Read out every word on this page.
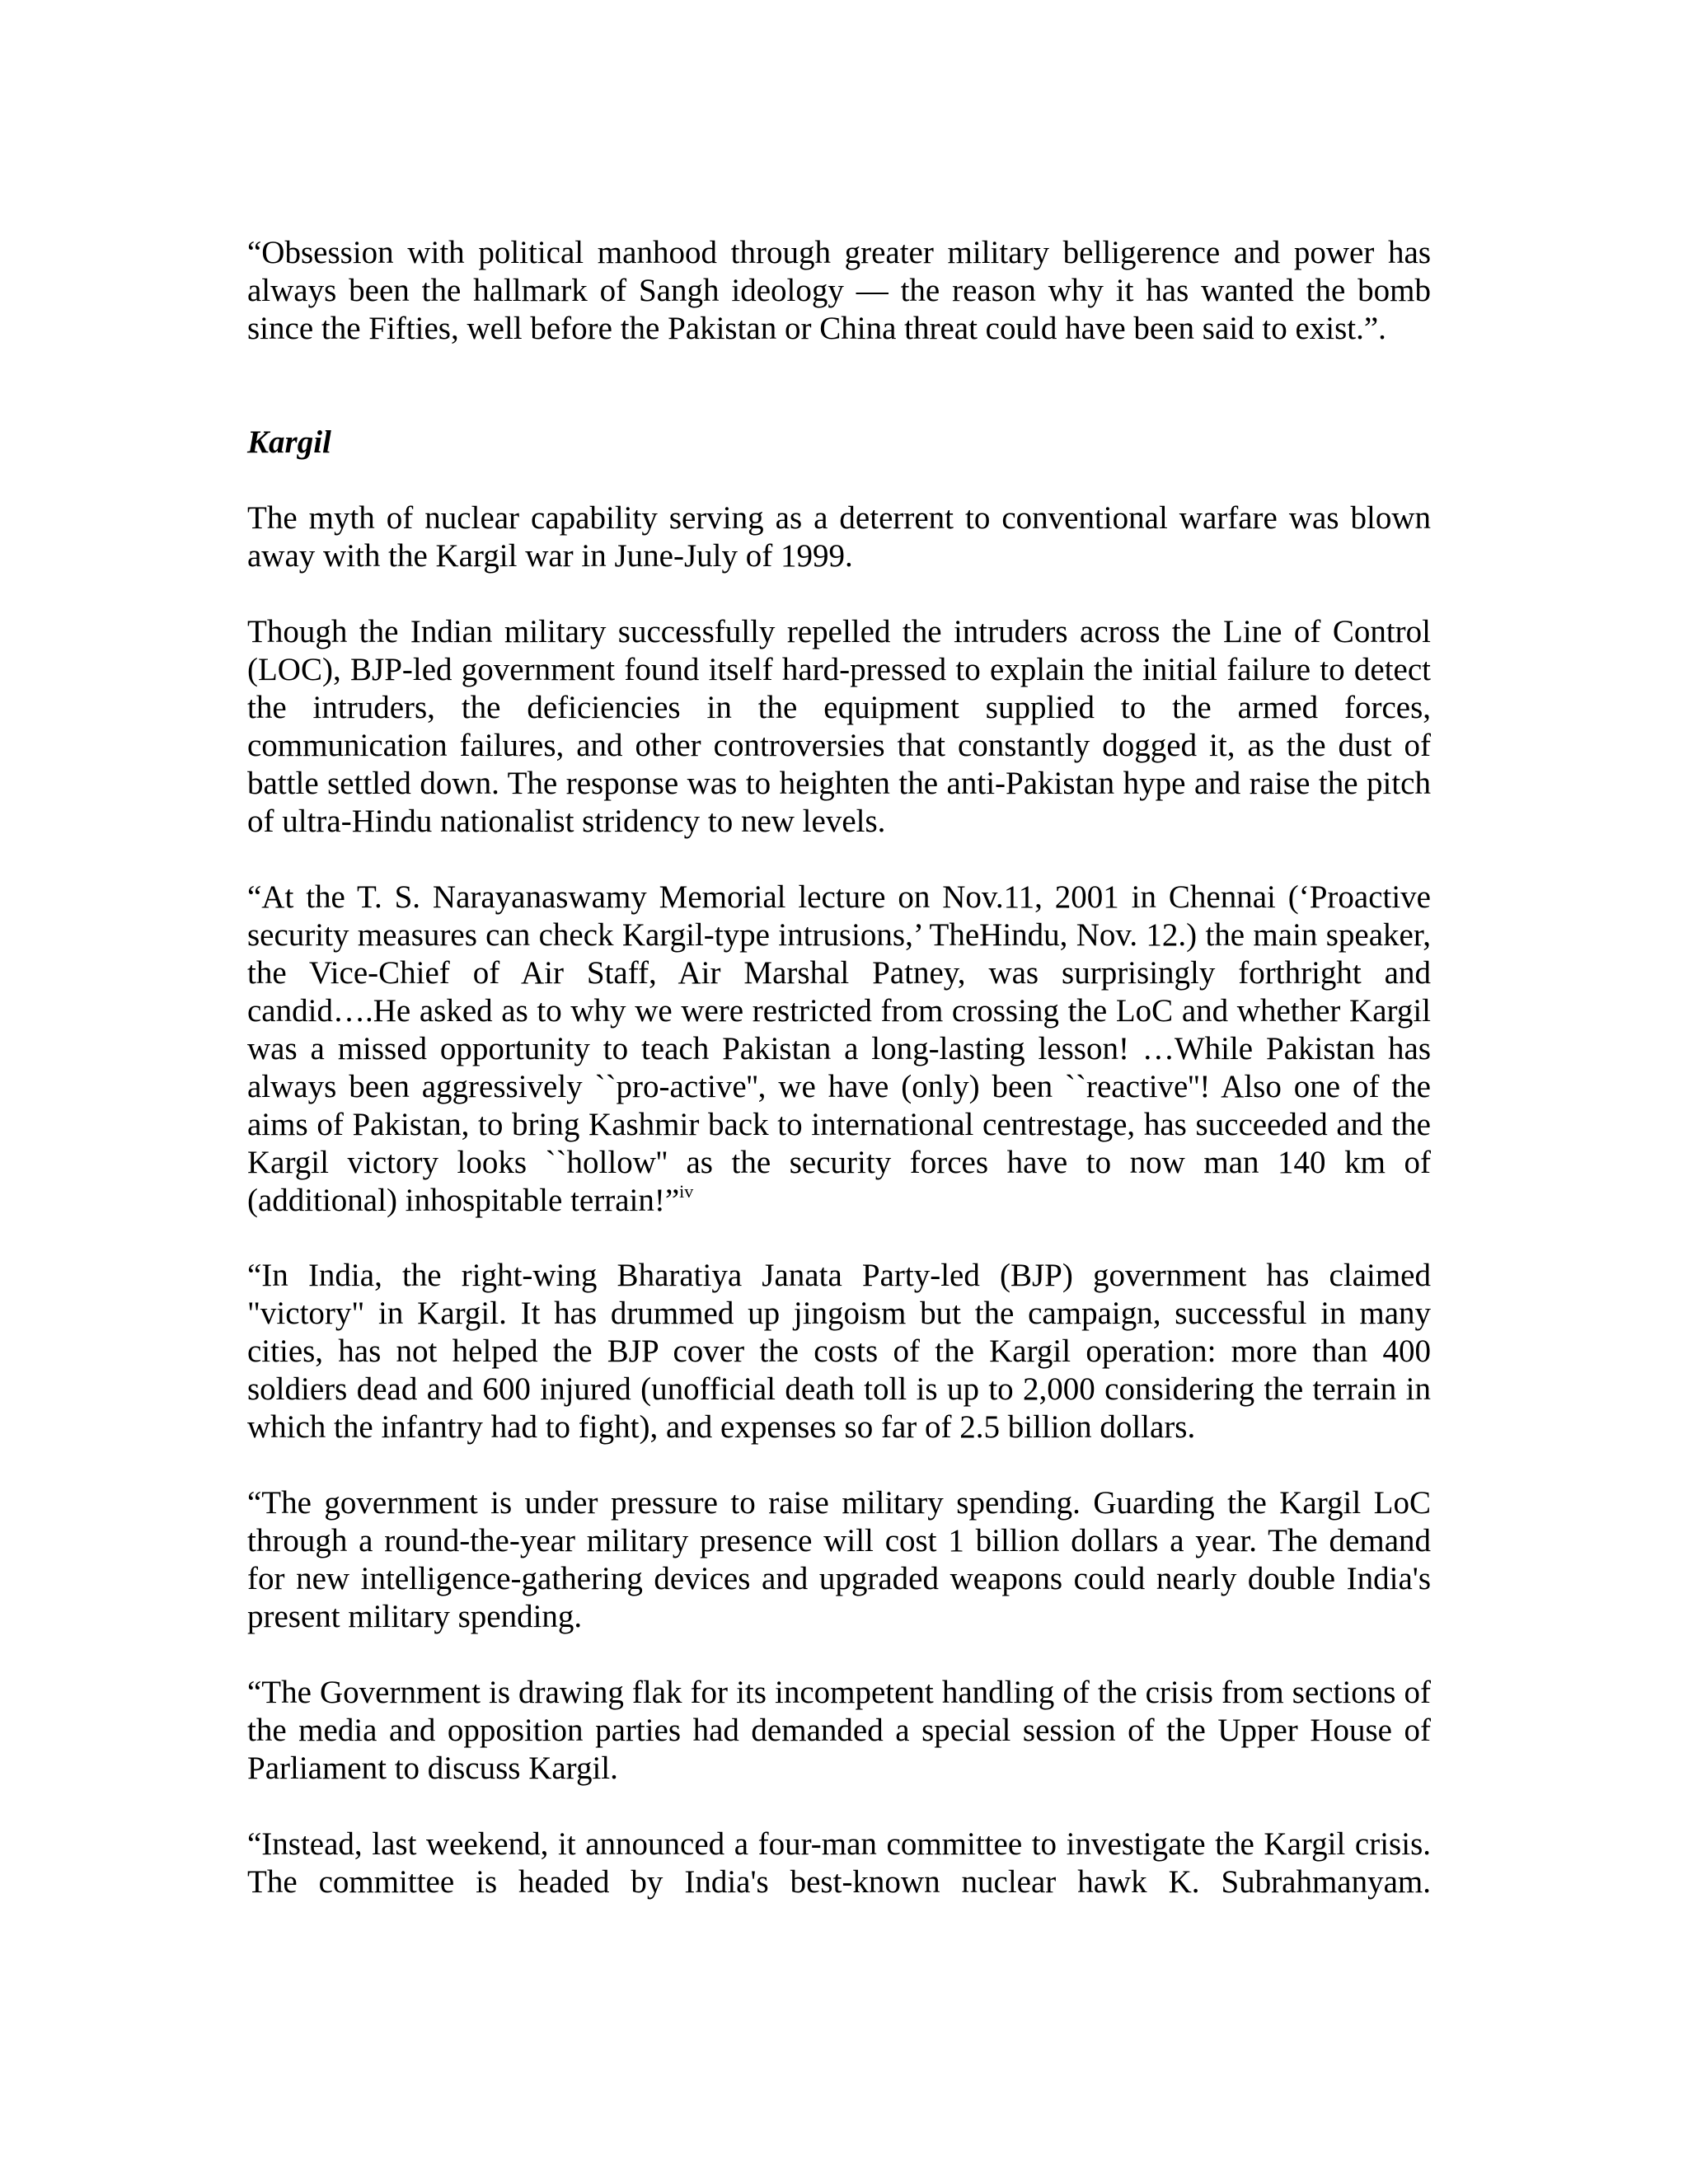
“Obsession with political manhood through greater military belligerence and power has always been the hallmark of Sangh ideology — the reason why it has wanted the bomb since the Fifties, well before the Pakistan or China threat could have been said to exist.”.

Kargil

The myth of nuclear capability serving as a deterrent to conventional warfare was blown away with the Kargil war in June-July of 1999.

Though the Indian military successfully repelled the intruders across the Line of Control (LOC), BJP-led government found itself hard-pressed to explain the initial failure to detect the intruders, the deficiencies in the equipment supplied to the armed forces, communication failures, and other controversies that constantly dogged it, as the dust of battle settled down. The response was to heighten the anti-Pakistan hype and raise the pitch of ultra-Hindu nationalist stridency to new levels.

“At the T. S. Narayanaswamy Memorial lecture on Nov.11, 2001 in Chennai (‘Proactive security measures can check Kargil-type intrusions,’ TheHindu, Nov. 12.) the main speaker, the Vice-Chief of Air Staff, Air Marshal Patney, was surprisingly forthright and candid….He asked as to why we were restricted from crossing the LoC and whether Kargil was a missed opportunity to teach Pakistan a long-lasting lesson! …While Pakistan has always been aggressively ``pro-active'', we have (only) been ``reactive''! Also one of the aims of Pakistan, to bring Kashmir back to international centrestage, has succeeded and the Kargil victory looks ``hollow'' as the security forces have to now man 140 km of (additional) inhospitable terrain!”$^{iv}$

“In India, the right-wing Bharatiya Janata Party-led (BJP) government has claimed "victory" in Kargil. It has drummed up jingoism but the campaign, successful in many cities, has not helped the BJP cover the costs of the Kargil operation: more than 400 soldiers dead and 600 injured (unofficial death toll is up to 2,000 considering the terrain in which the infantry had to fight), and expenses so far of 2.5 billion dollars.

“The government is under pressure to raise military spending. Guarding the Kargil LoC through a round-the-year military presence will cost 1 billion dollars a year. The demand for new intelligence-gathering devices and upgraded weapons could nearly double India's present military spending.

“The Government is drawing flak for its incompetent handling of the crisis from sections of the media and opposition parties had demanded a special session of the Upper House of Parliament to discuss Kargil.

“Instead, last weekend, it announced a four-man committee to investigate the Kargil crisis. The committee is headed by India's best-known nuclear hawk K. Subrahmanyam.
